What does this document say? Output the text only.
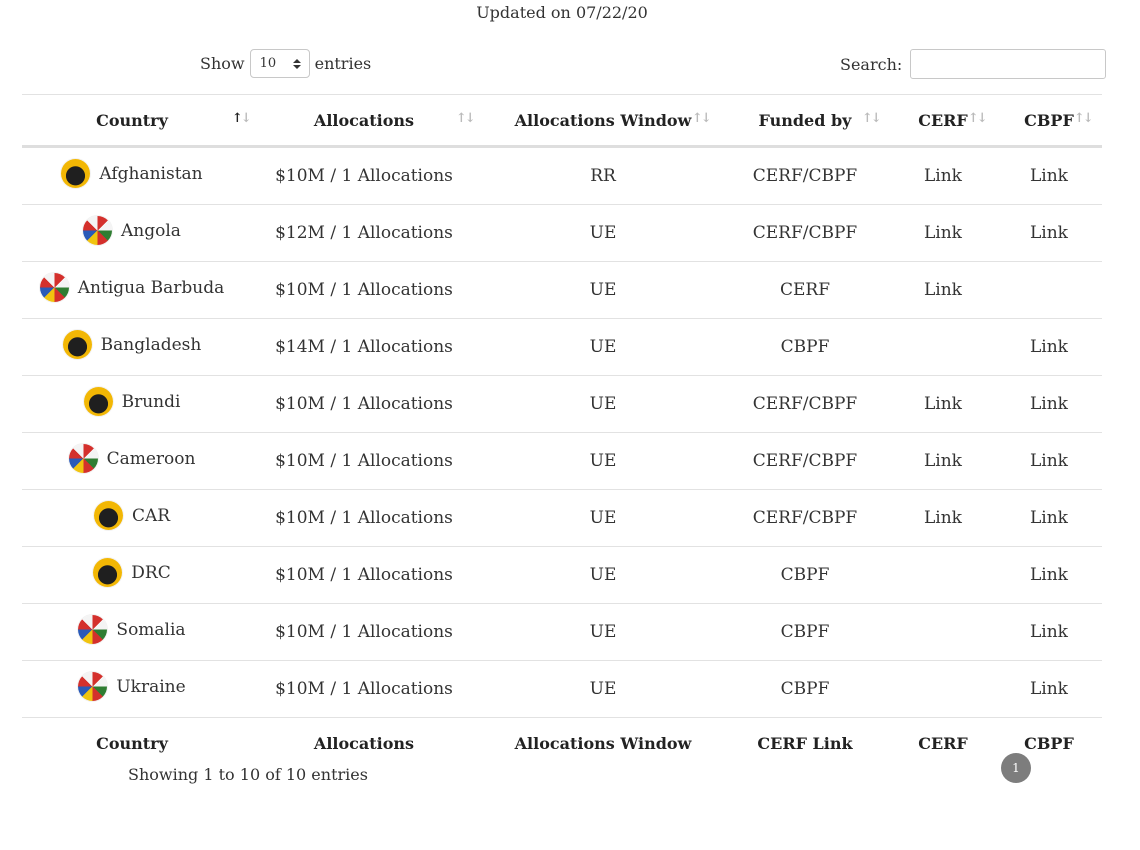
Updated on 07/22/20
Show 10 entries	Search:
Country ↑↓	Allocations ↑↓	Allocations Window ↑↓	Funded by ↑↓	CERF ↑↓	CBPF ↑↓

Afghanistan	$10M / 1 Allocations	RR	CERF/CBPF	Link	Link

Angola	$12M / 1 Allocations	UE	CERF/CBPF	Link	Link

Antigua Barbuda	$10M / 1 Allocations	UE	CERF	Link	

Bangladesh	$14M / 1 Allocations	UE	CBPF		Link

Brundi	$10M / 1 Allocations	UE	CERF/CBPF	Link	Link

Cameroon	$10M / 1 Allocations	UE	CERF/CBPF	Link	Link

CAR	$10M / 1 Allocations	UE	CERF/CBPF	Link	Link

DRC	$10M / 1 Allocations	UE	CBPF		Link

Somalia	$10M / 1 Allocations	UE	CBPF		Link

Ukraine	$10M / 1 Allocations	UE	CBPF		Link
Country	Allocations	Allocations Window	CERF Link	CERF	CBPF
Showing 1 to 10 of 10 entries	1
